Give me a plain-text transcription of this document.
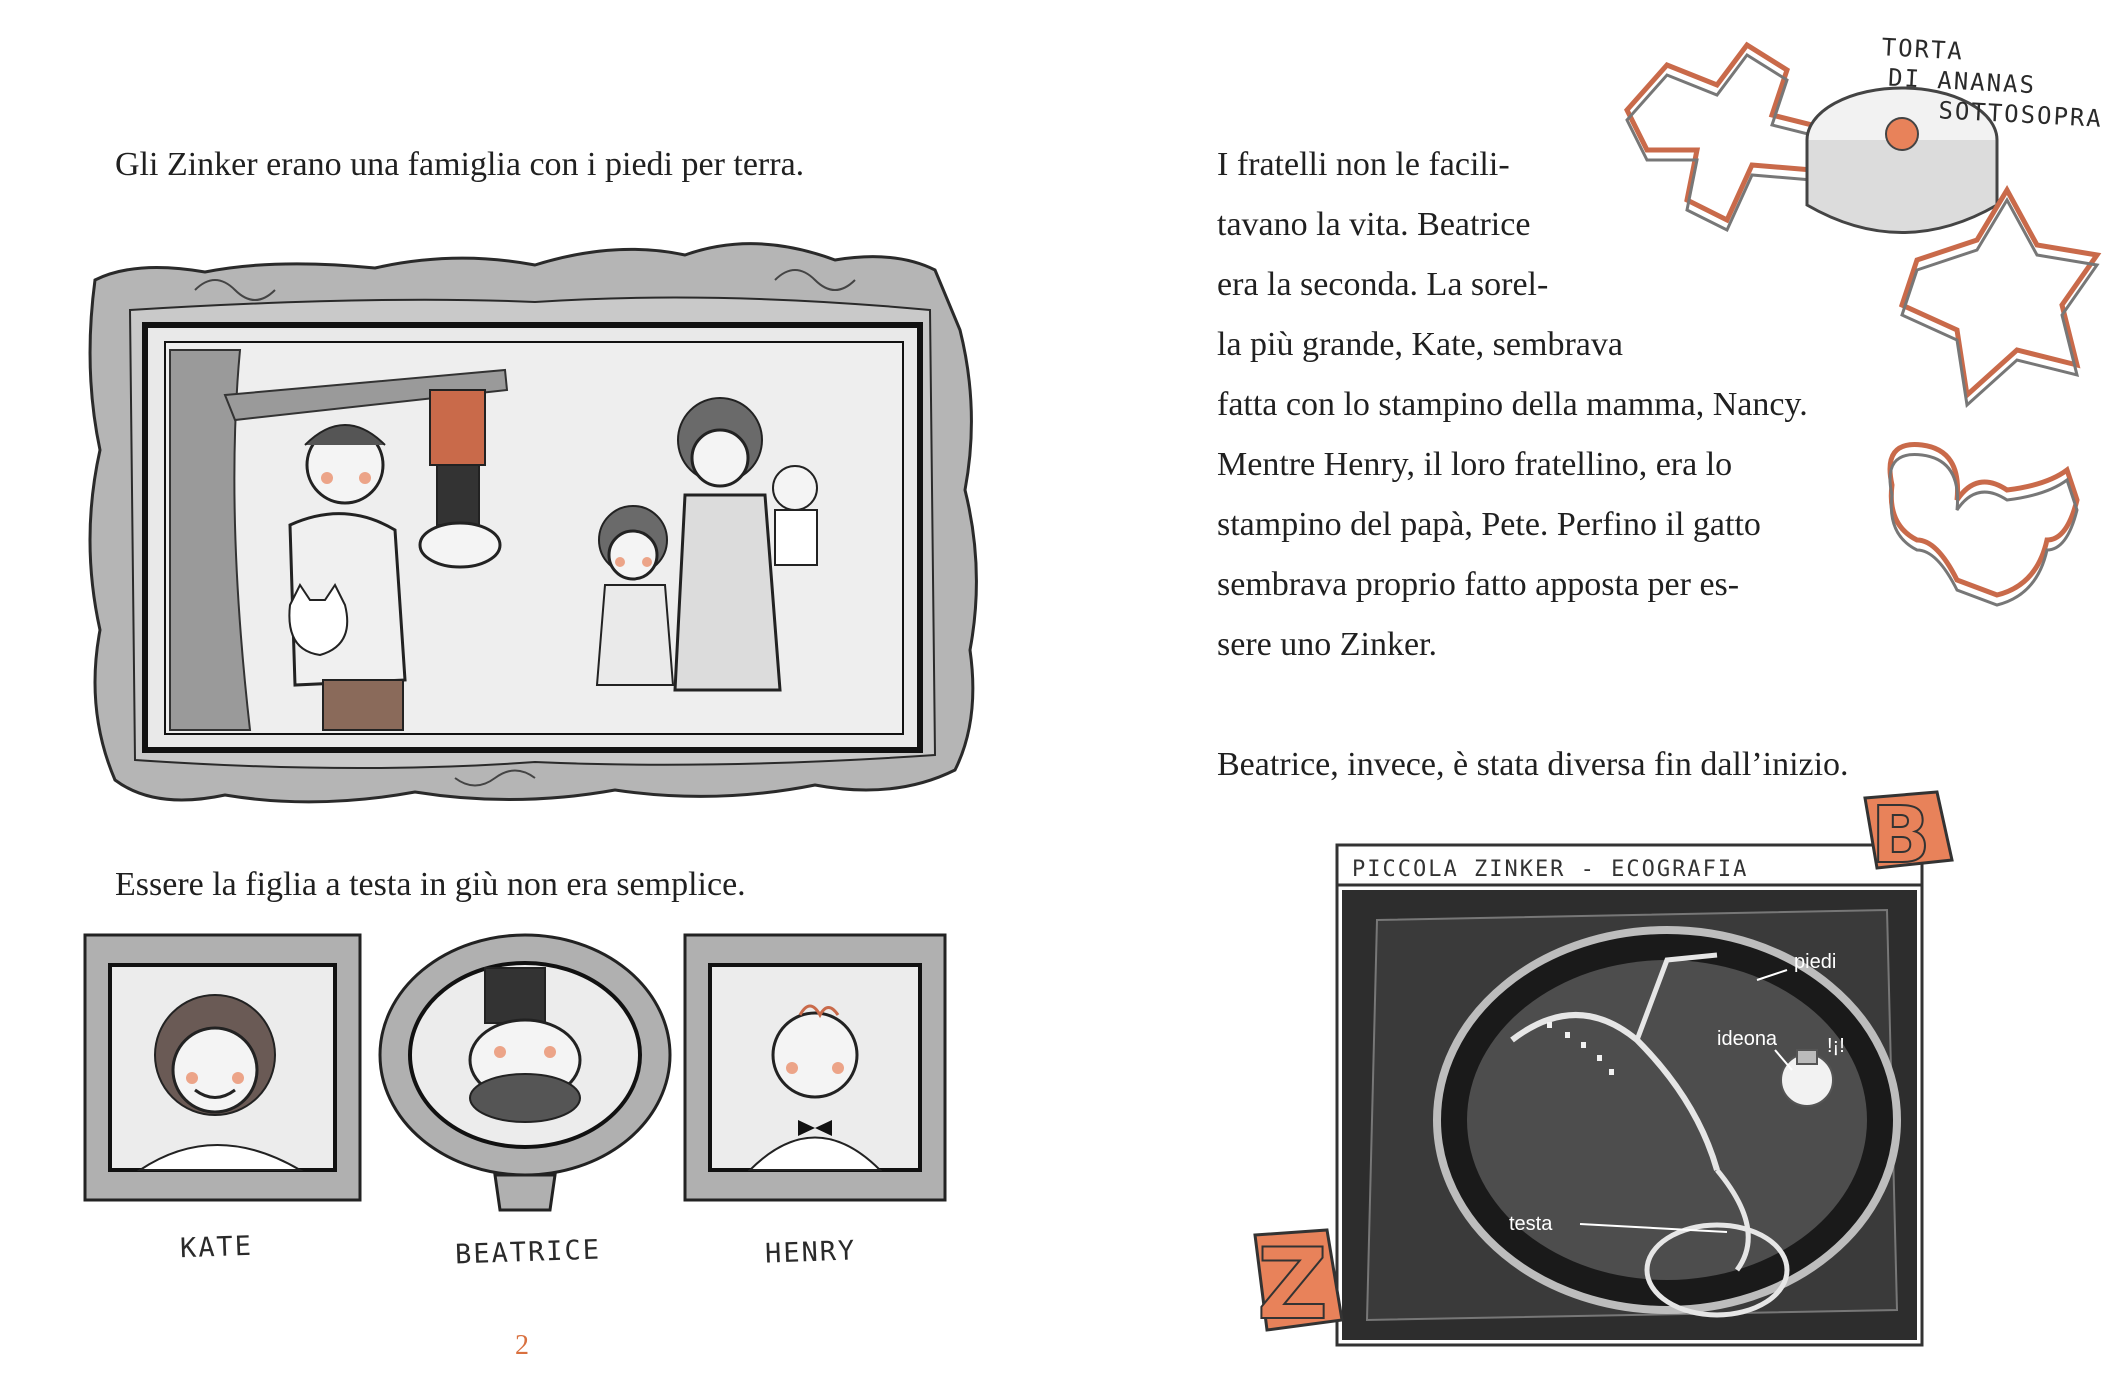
Gli Zinker erano una famiglia con i piedi per terra.

Essere la figlia a testa in giù non era semplice.

KATE	BEATRICE	HENRY
2
TORTA
DI ANANAS
SOTTOSOPRA
I fratelli non le facili-
tavano la vita. Beatrice
era la seconda. La sorel-
la più grande, Kate, sembrava
fatta con lo stampino della mamma, Nancy.
Mentre Henry, il loro fratellino, era lo
stampino del papà, Pete. Perfino il gatto
sembrava proprio fatto apposta per es-
sere uno Zinker.

Beatrice, invece, è stata diversa fin dall’inizio.

PICCOLA ZINKER - ECOGRAFIA
piedi
ideona !¡!
testa
B
Z
